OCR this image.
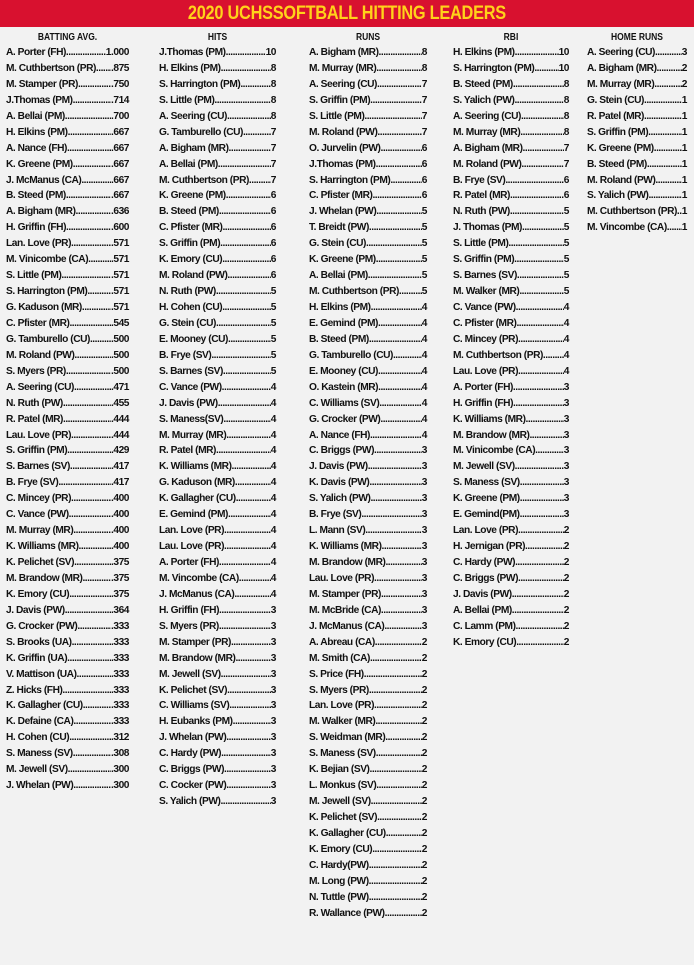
2020 UCHSSOFTBALL HITTING LEADERS
BATTING AVG.
A. Porter (FH) .....	1.000
M. Cuthbertson (PR) ..... .875
M. Stamper (PR) .....	.750
J.Thomas (PM) .....	.714
A. Bellai (PM) .....	.700
H. Elkins (PM) .....	.667
A. Nance (FH) .....	.667
K. Greene (PM) .....	.667
J. McManus (CA) .....	.667
B. Steed (PM) .....	.667
A. Bigham (MR) .....	.636
H. Griffin (FH) .....	.600
Lan. Love (PR) .....	.571
M. Vinicombe (CA) ..... .571
S. Little (PM) .....	.571
S. Harrington (PM) ..... .571
G. Kaduson (MR) .....	.571
C. Pfister (MR) .....	.545
G. Tamburello (CU) ..... .500
M. Roland (PW) .....	.500
S. Myers (PR) .....	.500
A. Seering (CU) .....	.471
N. Ruth (PW) .....	.455
R. Patel (MR) .....	.444
Lau. Love (PR) .....	.444
S. Griffin (PM) .....	.429
S. Barnes (SV) .....	.417
B. Frye (SV) .....	.417
C. Mincey (PR) .....	.400
C. Vance (PW) .....	.400
M. Murray (MR) .....	.400
K. Williams (MR) .....	.400
K. Pelichet (SV) .....	.375
M. Brandow (MR) .....	.375
K. Emory (CU) .....	.375
J. Davis (PW) .....	.364
G. Crocker (PW) .....	.333
S. Brooks (UA) .....	.333
K. Griffin (UA) .....	.333
V. Mattison (UA) .....	.333
Z. Hicks (FH) .....	.333
K. Gallagher (CU) .....	.333
K. Defaine (CA) .....	.333
H. Cohen (CU) .....	.312
S. Maness (SV) .....	.308
M. Jewell (SV) .....	.300
J. Whelan (PW) .....	.300
HITS
J.Thomas (PM) .....	10
H. Elkins (PM) .....	8
S. Harrington (PM) .....	8
S. Little (PM) .....	8
A. Seering (CU) .....	8
G. Tamburello (CU) .....	7
A. Bigham (MR) .....	7
A. Bellai (PM) .....	7
M. Cuthbertson (PR) ..... 7
K. Greene (PM) .....	6
B. Steed (PM) .....	6
C. Pfister (MR) .....	6
S. Griffin (PM) .....	6
K. Emory (CU) .....	6
M. Roland (PW) .....	6
N. Ruth (PW) .....	5
H. Cohen (CU) .....	5
G. Stein (CU) .....	5
E. Mooney (CU) .....	5
B. Frye (SV) .....	5
S. Barnes (SV) .....	5
C. Vance (PW) .....	4
J. Davis (PW) .....	4
S. Maness(SV) .....	4
M. Murray (MR) .....	4
R. Patel (MR) .....	4
K. Williams (MR) .....	4
G. Kaduson (MR) .....	4
K. Gallagher (CU) .....	4
E. Gemind (PM) .....	4
Lan. Love (PR) .....	4
Lau. Love (PR) .....	4
A. Porter (FH) .....	4
M. Vincombe (CA) .....	4
J. McManus (CA) .....	4
H. Griffin (FH) .....	3
S. Myers (PR) .....	3
M. Stamper (PR) .....	3
M. Brandow (MR) .....	3
M. Jewell (SV) .....	3
K. Pelichet (SV) .....	3
C. Williams (SV) .....	3
H. Eubanks (PM) .....	3
J. Whelan (PW) .....	3
C. Hardy (PW) .....	3
C. Briggs (PW) .....	3
C. Cocker (PW) .....	3
S. Yalich (PW) .....	3
RUNS
A. Bigham (MR) .....	8
M. Murray (MR) .....	8
A. Seering (CU) .....	7
S. Griffin (PM) .....	7
S. Little (PM) .....	7
M. Roland (PW) .....	7
O. Jurvelin (PW) .....	6
J.Thomas (PM) .....	6
S. Harrington (PM) .....	6
C. Pfister (MR) .....	6
J. Whelan (PW) .....	5
T. Breidt (PW) .....	5
G. Stein (CU) .....	5
K. Greene (PM) .....	5
A. Bellai (PM) .....	5
M. Cuthbertson (PR) ..... 5
H. Elkins (PM) .....	4
E. Gemind (PM) .....	4
B. Steed (PM) .....	4
G. Tamburello (CU) .....	4
E. Mooney (CU) .....	4
O. Kastein (MR) .....	4
C. Williams (SV) .....	4
G. Crocker (PW) .....	4
A. Nance (FH) .....	4
C. Briggs (PW) .....	3
J. Davis (PW) .....	3
K. Davis (PW) .....	3
S. Yalich (PW) .....	3
B. Frye (SV) .....	3
L. Mann (SV) .....	3
K. Williams (MR) .....	3
M. Brandow (MR) .....	3
Lau. Love (PR) .....	3
M. Stamper (PR) .....	3
M. McBride (CA) .....	3
J. McManus (CA) .....	3
A. Abreau (CA) .....	2
M. Smith (CA) .....	2
S. Price (FH) .....	2
S. Myers (PR) .....	2
Lan. Love (PR) .....	2
M. Walker (MR) .....	2
S. Weidman (MR) .....	2
S. Maness (SV) .....	2
K. Bejian (SV) .....	2
L. Monkus (SV) .....	2
M. Jewell (SV) .....	2
K. Pelichet (SV) .....	2
K. Gallagher (CU) .....	2
K. Emory (CU) .....	2
C. Hardy(PW) .....	2
M. Long (PW) .....	2
N. Tuttle (PW) .....	2
R. Wallance (PW) .....	2
RBI
H. Elkins (PM) .....	10
S. Harrington (PM) ..... 10
B. Steed (PM) .....	8
S. Yalich (PW) .....	8
A. Seering (CU) .....	8
M. Murray (MR) .....	8
A. Bigham (MR) .....	7
M. Roland (PW) .....	7
B. Frye (SV) .....	6
R. Patel (MR) .....	6
N. Ruth (PW) .....	5
J. Thomas (PM) .....	5
S. Little (PM) .....	5
S. Griffin (PM) .....	5
S. Barnes (SV) .....	5
M. Walker (MR) .....	5
C. Vance (PW) .....	4
C. Pfister (MR) .....	4
C. Mincey (PR) .....	4
M. Cuthbertson (PR) ..... 4
Lau. Love (PR) .....	4
A. Porter (FH) .....	3
H. Griffin (FH) .....	3
K. Williams (MR) .....	3
M. Brandow (MR) .....	3
M. Vinicombe (CA) .....	3
M. Jewell (SV) .....	3
S. Maness (SV) .....	3
K. Greene (PM) .....	3
E. Gemind(PM) .....	3
Lan. Love (PR) .....	2
H. Jernigan (PR) .....	2
C. Hardy (PW) .....	2
C. Briggs (PW) .....	2
J. Davis (PW) .....	2
A. Bellai (PM) .....	2
C. Lamm (PM) .....	2
K. Emory (CU) .....	2
HOME RUNS
A. Seering (CU) .....	3
A. Bigham (MR) ..... 2
M. Murray (MR) .....	2
G. Stein (CU) .....	1
R. Patel (MR) .....	1
S. Griffin (PM) .....	1
K. Greene (PM) .....	1
B. Steed (PM) .....	1
M. Roland (PW) .....	1
S. Yalich (PW) .....	1
M. Cuthbertson (PR) ..... 1
M. Vincombe (CA) ..... 1
